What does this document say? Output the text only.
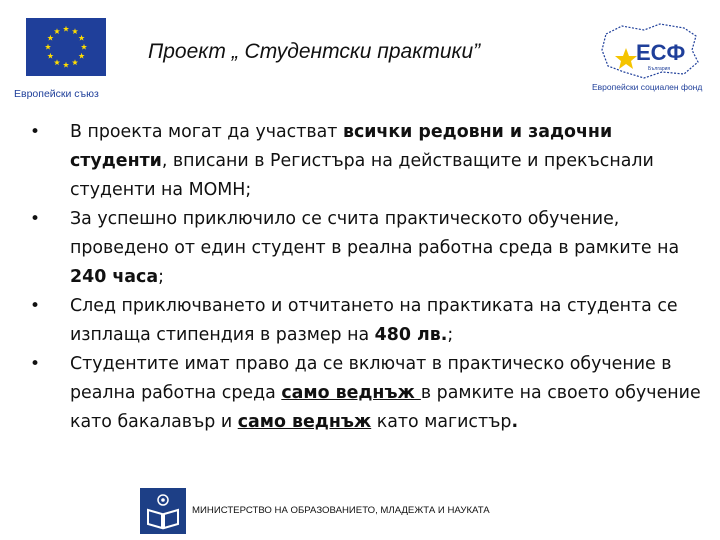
Европейски съюз
Проект „ Студентски практики”	ЕСФ
България
Европейски социален фонд
• В проекта могат да участват всички редовни и задочни студенти, вписани в Регистъра на действащите и прекъснали студенти на МОМН;
• За успешно приключило се счита практическото обучение, проведено от един студент в реална работна среда в рамките на 240 часа;
• След приключването и отчитането на практиката на студента се изплаща стипендия в размер на 480 лв.;
• Студентите имат право да се включат в практическо обучение в реална работна среда само веднъж в рамките на своето обучение като бакалавър и само веднъж като магистър.
МИНИСТЕРСТВО НА ОБРАЗОВАНИЕТО, МЛАДЕЖТА И НАУКАТА
